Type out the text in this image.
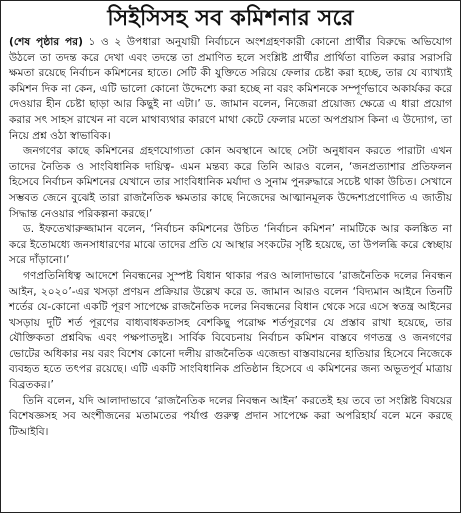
সিইসিসহ সব কমিশনার সরে

(শেষ পৃষ্ঠার পর) ১ ও ২ উপধারা অনুযায়ী নির্বাচনে অংশগ্রহণকারী কোনো প্রার্থীর বিরুদ্ধে অভিযোগ উঠলে তা তদন্ত করে দেখা এবং তদন্তে তা প্রমাণিত হলে সংশ্লিষ্ট প্রার্থীর প্রার্থিতা বাতিল করার সরাসরি ক্ষমতা রয়েছে নির্বাচন কমিশনের হাতে। সেটি কী যুক্তিতে সরিয়ে ফেলার চেষ্টা করা হচ্ছে, তার যে ব্যাখ্যাই কমিশন দিক না কেন, এটি ভালো কোনো উদ্দেশ্যে করা হচ্ছে না বরং কমিশনকে সম্পূর্ণভাবে অকার্যকর করে দেওয়ার হীন চেষ্টা ছাড়া আর কিছুই না এটা।’ ড. জামান বলেন, নিজেরা প্রয়োজ্য ক্ষেত্রে এ ধারা প্রয়োগ করার সৎ সাহস রাখেন না বলে মাথাব্যথার কারণে মাথা কেটে ফেলার মতো অপপ্রয়াস কিনা এ উদ্যোগ, তা নিয়ে প্রশ্ন ওঠা স্বাভাবিক।

জনগণের কাছে কমিশনের গ্রহণযোগ্যতা কোন অবস্থানে আছে সেটা অনুধাবন করতে পারাটা এখন তাদের নৈতিক ও সাংবিধানিক দায়িত্ব- এমন মন্তব্য করে তিনি আরও বলেন, ‘জনপ্রত্যাশার প্রতিফলন হিসেবে নির্বাচন কমিশনের যেখানে তার সাংবিধানিক মর্যাদা ও সুনাম পুনরুদ্ধারে সচেষ্ট থাকা উচিত। সেখানে সম্ভবত জেনে বুঝেই তারা রাজনৈতিক ক্ষমতার কাছে নিজেদের আত্মানমূলক উদ্দেশ্যপ্রণোদিত এ জাতীয় সিদ্ধান্ত নেওয়ার পরিকল্পনা করছে।’

ড. ইফতেখারুজ্জামান বলেন, ‘নির্বাচন কমিশনের উচিত ‘নির্বাচন কমিশন’ নামটিকে আর কলঙ্কিত না করে ইতোমধ্যে জনসাধারণের মাঝে তাদের প্রতি যে আস্থার সংকটের সৃষ্টি হয়েছে, তা উপলব্ধি করে স্বেচ্ছায় সরে দাঁড়ানো।’

গণপ্রতিনিধিত্ব আদেশে নিবন্ধনের সুস্পষ্ট বিধান থাকার পরও আলাদাভাবে ‘রাজনৈতিক দলের নিবন্ধন আইন, ২০২০’-এর খসড়া প্রণয়ন প্রক্রিয়ার উল্লেখ করে ড. জামান আরও বলেন ‘বিদ্যমান আইনে তিনটি শর্তের যে-কোনো একটি পূরণ সাপেক্ষে রাজনৈতিক দলের নিবন্ধনের বিধান থেকে সরে এসে স্বতন্ত্র আইনের খসড়ায় দুটি শর্ত পূরণের বাধ্যবাধকতাসহ বেশকিছু পরোক্ষ শর্তপূরণের যে প্রস্তাব রাখা হয়েছে, তার যৌক্তিকতা প্রশ্নবিদ্ধ এবং পক্ষপাতদুষ্ট। সার্বিক বিবেচনায় নির্বাচন কমিশন বাস্তবে গণতন্ত্র ও জনগণের ভোটের অধিকার নয় বরং বিশেষ কোনো দলীয় রাজনৈতিক এজেন্ডা বাস্তবায়নের হাতিয়ার হিসেবে নিজেকে ব্যবহৃত হতে তৎপর রয়েছে। এটি একটি সাংবিধানিক প্রতিষ্ঠান হিসেবে এ কমিশনের জন্য অভূতপূর্ব মাত্রায় বিব্রতকর।’

তিনি বলেন, যদি আলাদাভাবে ‘রাজনৈতিক দলের নিবন্ধন আইন’ করতেই হয় তবে তা সংশ্লিষ্ট বিষয়ের বিশেষজ্ঞসহ সব অংশীজনের মতামতের পর্যাপ্ত গুরুত্ব প্রদান সাপেক্ষে করা অপরিহার্য বলে মনে করছে টিআইবি।
